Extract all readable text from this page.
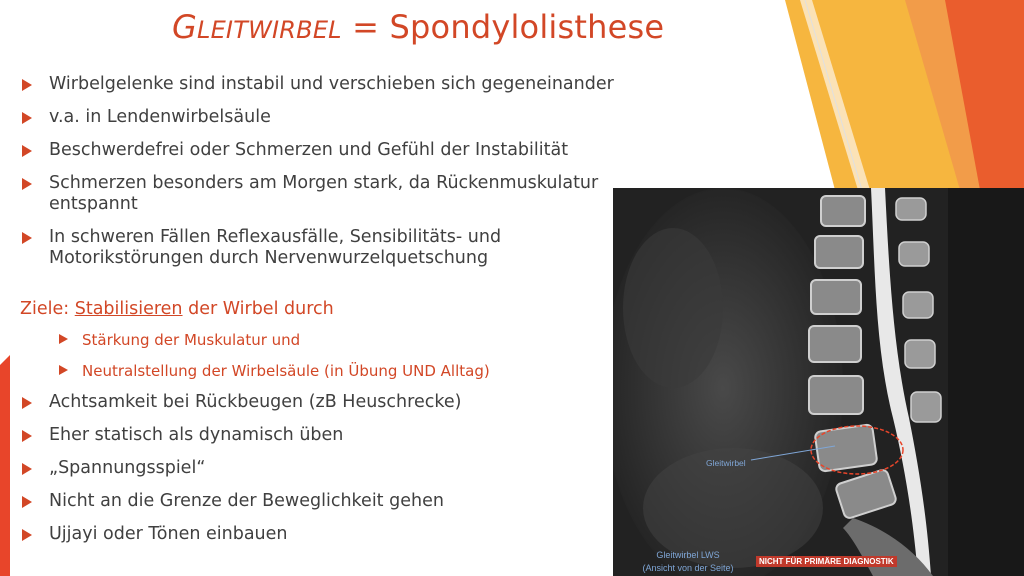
GLEITWIRBEL = Spondylolisthese
Wirbelgelenke sind instabil und verschieben sich gegeneinander
v.a. in Lendenwirbelsäule
Beschwerdefrei oder Schmerzen und Gefühl der Instabilität
Schmerzen besonders am Morgen stark, da Rückenmuskulatur entspannt
In schweren Fällen Reflexausfälle, Sensibilitäts- und Motorikstörungen durch Nervenwurzelquetschung
Ziele: Stabilisieren der Wirbel durch
Stärkung der Muskulatur und
Neutralstellung der Wirbelsäule (in Übung UND Alltag)
Achtsamkeit bei Rückbeugen (zB Heuschrecke)
Eher statisch als dynamisch üben
„Spannungsspiel“
Nicht an die Grenze der Beweglichkeit gehen
Ujjayi oder Tönen einbauen
Gleitwirbel
Gleitwirbel LWS
(Ansicht von der Seite)
NICHT FÜR PRIMÄRE DIAGNOSTIK
